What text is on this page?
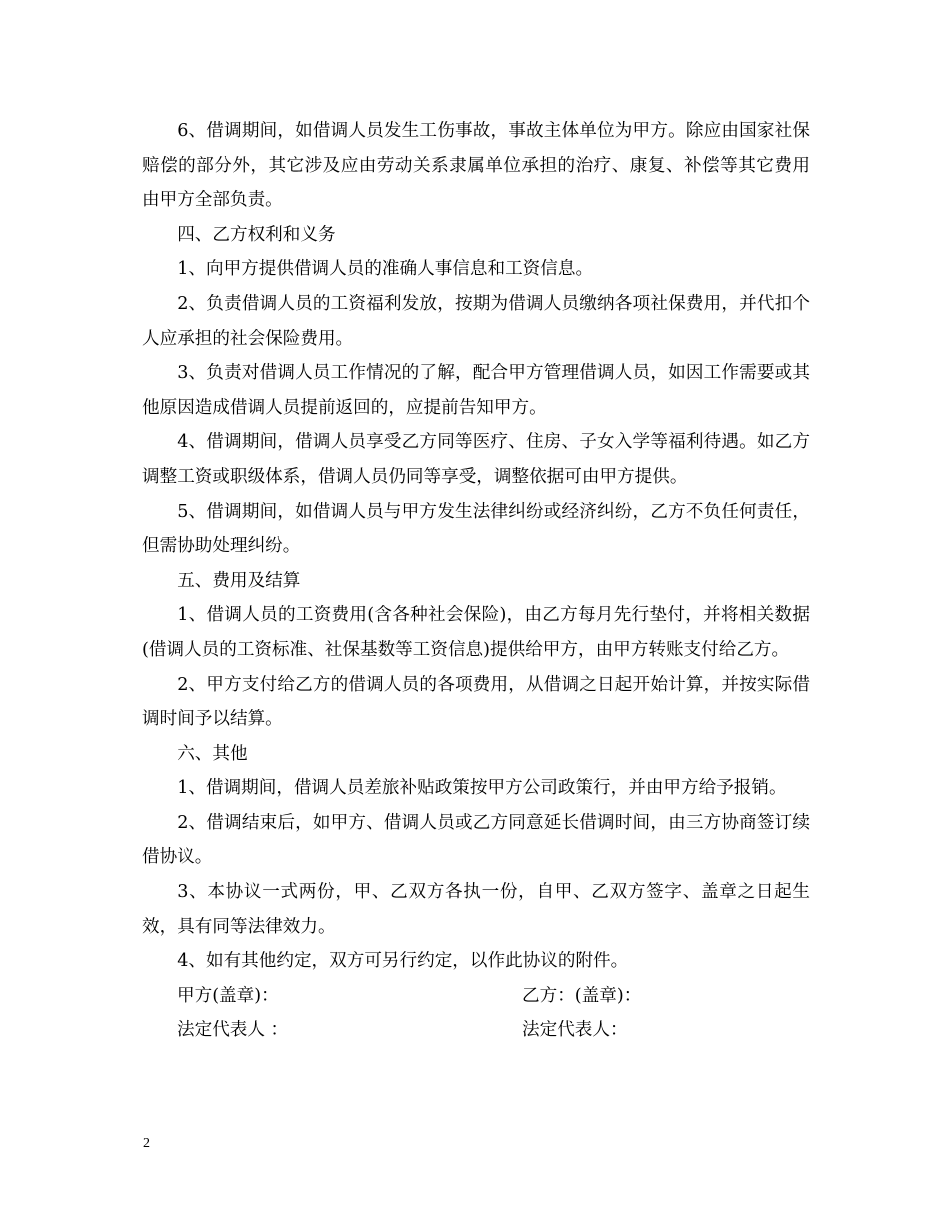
6、借调期间，如借调人员发生工伤事故，事故主体单位为甲方。除应由国家社保赔偿的部分外，其它涉及应由劳动关系隶属单位承担的治疗、康复、补偿等其它费用由甲方全部负责。

四、乙方权利和义务

1、向甲方提供借调人员的准确人事信息和工资信息。

2、负责借调人员的工资福利发放，按期为借调人员缴纳各项社保费用，并代扣个人应承担的社会保险费用。

3、负责对借调人员工作情况的了解，配合甲方管理借调人员，如因工作需要或其他原因造成借调人员提前返回的，应提前告知甲方。

4、借调期间，借调人员享受乙方同等医疗、住房、子女入学等福利待遇。如乙方调整工资或职级体系，借调人员仍同等享受，调整依据可由甲方提供。

5、借调期间，如借调人员与甲方发生法律纠纷或经济纠纷，乙方不负任何责任，但需协助处理纠纷。

五、费用及结算

1、借调人员的工资费用(含各种社会保险)，由乙方每月先行垫付，并将相关数据(借调人员的工资标准、社保基数等工资信息)提供给甲方，由甲方转账支付给乙方。

2、甲方支付给乙方的借调人员的各项费用，从借调之日起开始计算，并按实际借调时间予以结算。

六、其他

1、借调期间，借调人员差旅补贴政策按甲方公司政策行，并由甲方给予报销。

2、借调结束后，如甲方、借调人员或乙方同意延长借调时间，由三方协商签订续借协议。

3、本协议一式两份，甲、乙双方各执一份，自甲、乙双方签字、盖章之日起生效，具有同等法律效力。

4、如有其他约定，双方可另行约定，以作此协议的附件。

甲方(盖章)：	乙方：(盖章)：
法定代表人 ：	法定代表人：
2
